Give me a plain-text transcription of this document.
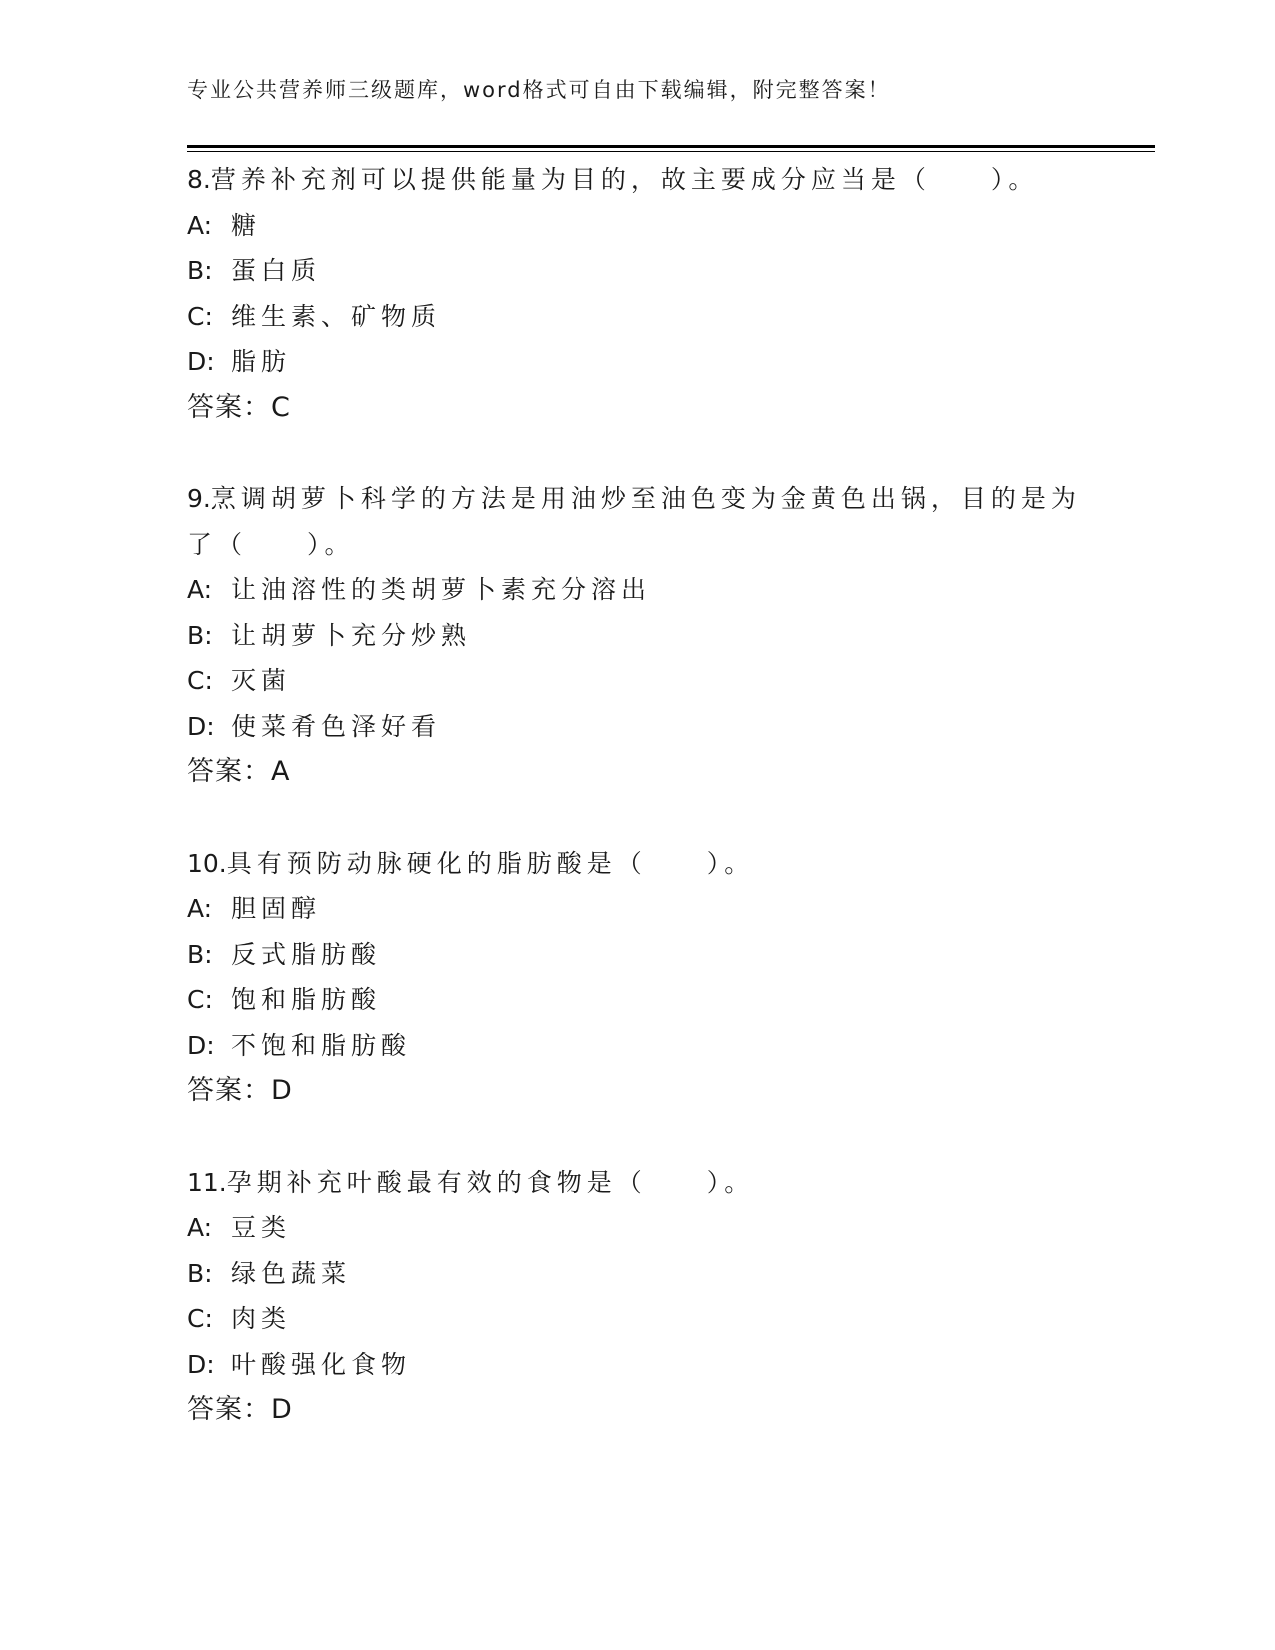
专业公共营养师三级题库，word格式可自由下载编辑，附完整答案！

8.营养补充剂可以提供能量为目的，故主要成分应当是（　　）。

A: 糖
B: 蛋白质
C: 维生素、矿物质
D: 脂肪
答案：C

9.烹调胡萝卜科学的方法是用油炒至油色变为金黄色出锅，目的是为了（　　）。

A: 让油溶性的类胡萝卜素充分溶出
B: 让胡萝卜充分炒熟
C: 灭菌
D: 使菜肴色泽好看
答案：A

10.具有预防动脉硬化的脂肪酸是（　　）。

A: 胆固醇
B: 反式脂肪酸
C: 饱和脂肪酸
D: 不饱和脂肪酸
答案：D

11.孕期补充叶酸最有效的食物是（　　）。

A: 豆类
B: 绿色蔬菜
C: 肉类
D: 叶酸强化食物
答案：D
